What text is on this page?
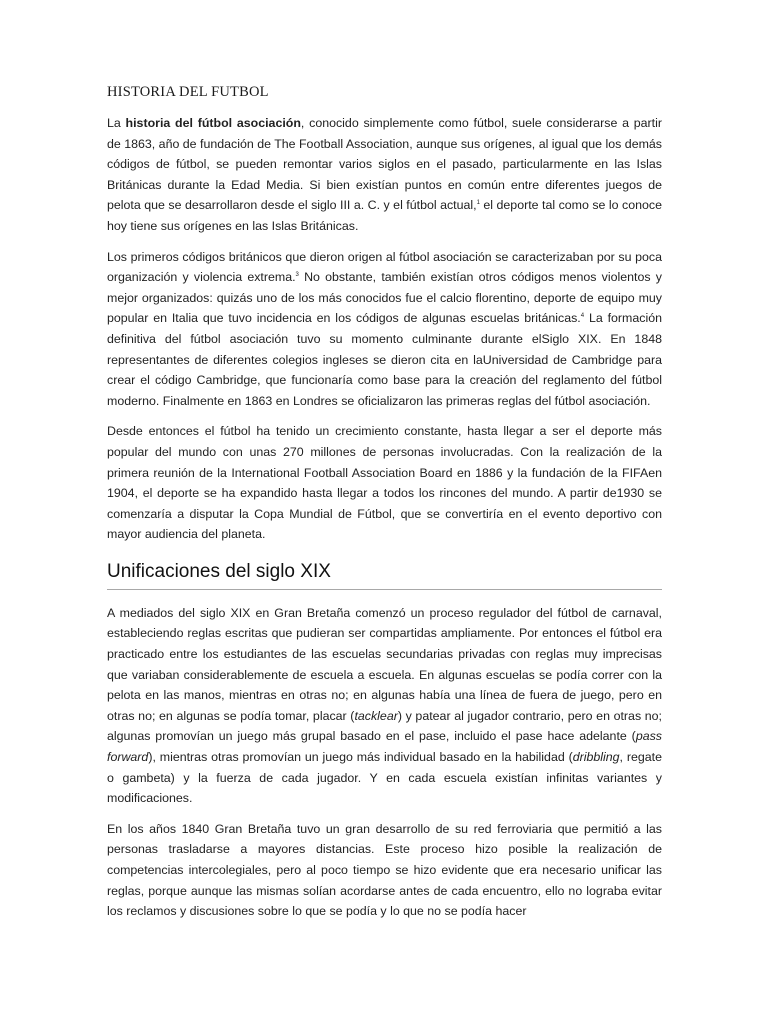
HISTORIA DEL FUTBOL

La historia del fútbol asociación, conocido simplemente como fútbol, suele considerarse a partir de 1863, año de fundación de The Football Association, aunque sus orígenes, al igual que los demás códigos de fútbol, se pueden remontar varios siglos en el pasado, particularmente en las Islas Británicas durante la Edad Media. Si bien existían puntos en común entre diferentes juegos de pelota que se desarrollaron desde el siglo III a. C. y el fútbol actual,$^1$ el deporte tal como se lo conoce hoy tiene sus orígenes en las Islas Británicas.

Los primeros códigos británicos que dieron origen al fútbol asociación se caracterizaban por su poca organización y violencia extrema.$^3$ No obstante, también existían otros códigos menos violentos y mejor organizados: quizás uno de los más conocidos fue el calcio florentino, deporte de equipo muy popular en Italia que tuvo incidencia en los códigos de algunas escuelas británicas.$^4$ La formación definitiva del fútbol asociación tuvo su momento culminante durante elSiglo XIX. En 1848 representantes de diferentes colegios ingleses se dieron cita en laUniversidad de Cambridge para crear el código Cambridge, que funcionaría como base para la creación del reglamento del fútbol moderno. Finalmente en 1863 en Londres se oficializaron las primeras reglas del fútbol asociación.

Desde entonces el fútbol ha tenido un crecimiento constante, hasta llegar a ser el deporte más popular del mundo con unas 270 millones de personas involucradas. Con la realización de la primera reunión de la International Football Association Board en 1886 y la fundación de la FIFAen 1904, el deporte se ha expandido hasta llegar a todos los rincones del mundo. A partir de1930 se comenzaría a disputar la Copa Mundial de Fútbol, que se convertiría en el evento deportivo con mayor audiencia del planeta.

Unificaciones del siglo XIX

A mediados del siglo XIX en Gran Bretaña comenzó un proceso regulador del fútbol de carnaval, estableciendo reglas escritas que pudieran ser compartidas ampliamente. Por entonces el fútbol era practicado entre los estudiantes de las escuelas secundarias privadas con reglas muy imprecisas que variaban considerablemente de escuela a escuela. En algunas escuelas se podía correr con la pelota en las manos, mientras en otras no; en algunas había una línea de fuera de juego, pero en otras no; en algunas se podía tomar, placar (tacklear) y patear al jugador contrario, pero en otras no; algunas promovían un juego más grupal basado en el pase, incluido el pase hace adelante (pass forward), mientras otras promovían un juego más individual basado en la habilidad (dribbling, regate o gambeta) y la fuerza de cada jugador. Y en cada escuela existían infinitas variantes y modificaciones.

En los años 1840 Gran Bretaña tuvo un gran desarrollo de su red ferroviaria que permitió a las personas trasladarse a mayores distancias. Este proceso hizo posible la realización de competencias intercolegiales, pero al poco tiempo se hizo evidente que era necesario unificar las reglas, porque aunque las mismas solían acordarse antes de cada encuentro, ello no lograba evitar los reclamos y discusiones sobre lo que se podía y lo que no se podía hacer
